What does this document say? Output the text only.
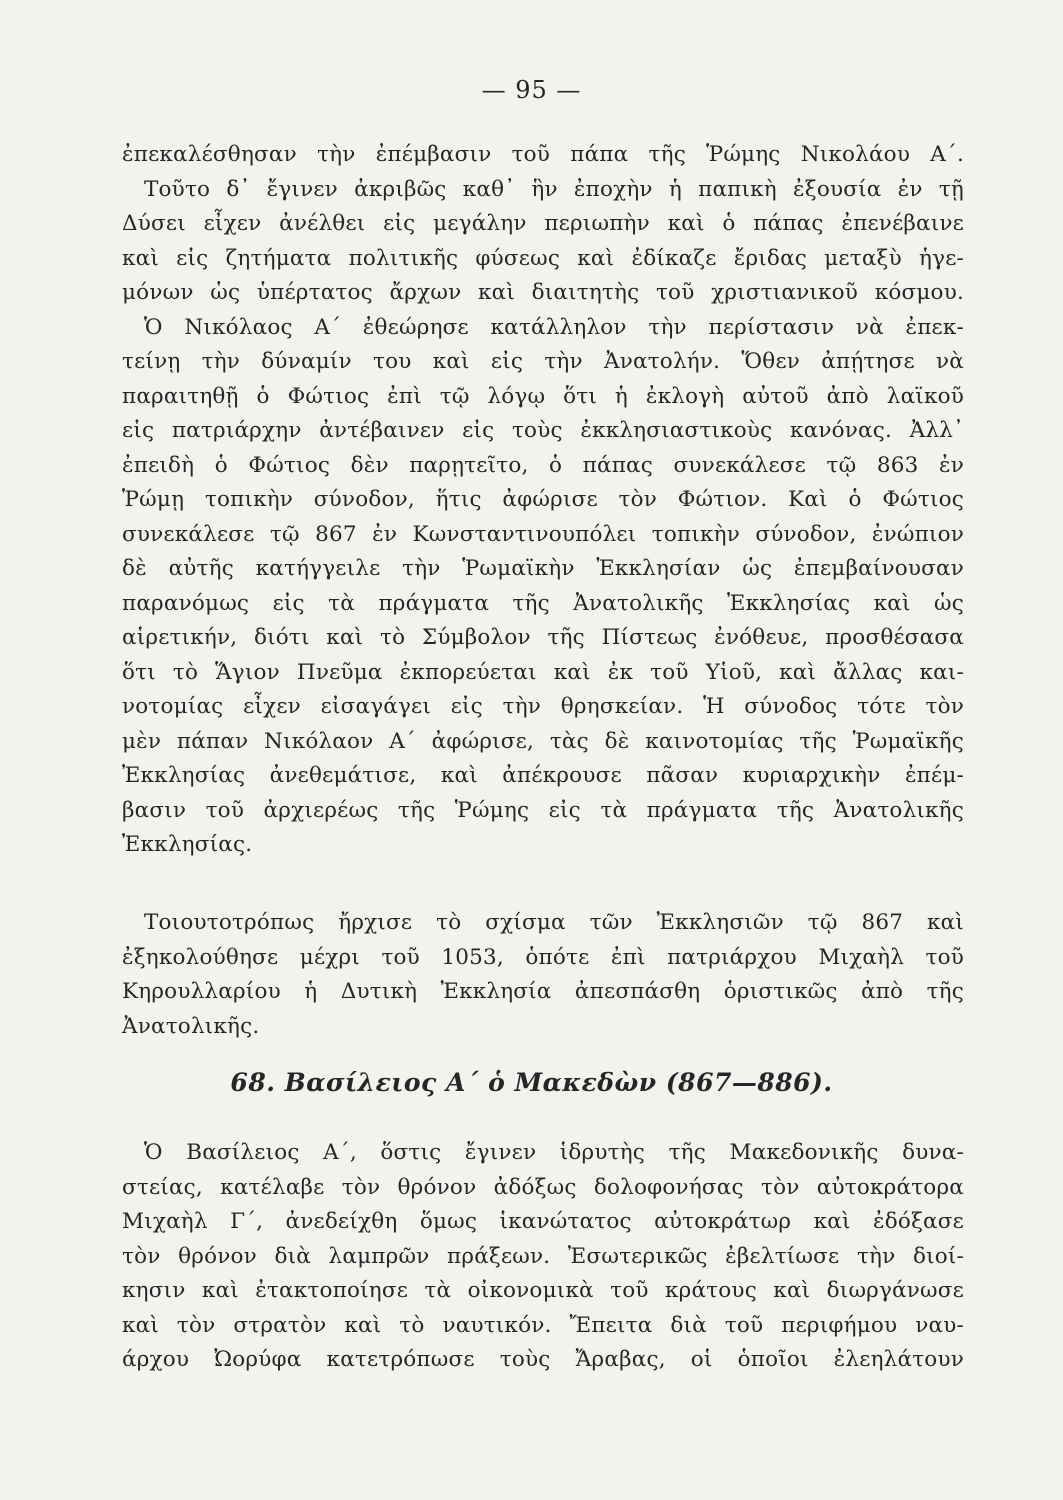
— 95 —
ἐπεκαλέσθησαν τὴν ἐπέμβασιν τοῦ πάπα τῆς Ῥώμης Νικολάου Α΄.
Τοῦτο δ᾽ ἔγινεν ἀκριβῶς καθ᾽ ἣν ἐποχὴν ἡ παπικὴ ἐξουσία ἐν τῇ
Δύσει εἶχεν ἀνέλθει εἰς μεγάλην περιωπὴν καὶ ὁ πάπας ἐπενέβαινε
καὶ εἰς ζητήματα πολιτικῆς φύσεως καὶ ἐδίκαζε ἔριδας μεταξὺ ἡγε-
μόνων ὡς ὑπέρτατος ἄρχων καὶ διαιτητὴς τοῦ χριστιανικοῦ κόσμου.
Ὁ Νικόλαος Α΄ ἐθεώρησε κατάλληλον τὴν περίστασιν νὰ ἐπεκ-
τείνῃ τὴν δύναμίν του καὶ εἰς τὴν Ἀνατολήν. Ὅθεν ἀπῄτησε νὰ
παραιτηθῇ ὁ Φώτιος ἐπὶ τῷ λόγῳ ὅτι ἡ ἐκλογὴ αὐτοῦ ἀπὸ λαϊκοῦ
εἰς πατριάρχην ἀντέβαινεν εἰς τοὺς ἐκκλησιαστικοὺς κανόνας. Ἀλλ᾽
ἐπειδὴ ὁ Φώτιος δὲν παρῃτεῖτο, ὁ πάπας συνεκάλεσε τῷ 863 ἐν
Ῥώμῃ τοπικὴν σύνοδον, ἥτις ἀφώρισε τὸν Φώτιον. Καὶ ὁ Φώτιος
συνεκάλεσε τῷ 867 ἐν Κωνσταντινουπόλει τοπικὴν σύνοδον, ἐνώπιον
δὲ αὐτῆς κατήγγειλε τὴν Ῥωμαϊκὴν Ἐκκλησίαν ὡς ἐπεμβαίνουσαν
παρανόμως εἰς τὰ πράγματα τῆς Ἀνατολικῆς Ἐκκλησίας καὶ ὡς
αἱρετικήν, διότι καὶ τὸ Σύμβολον τῆς Πίστεως ἐνόθευε, προσθέσασα
ὅτι τὸ Ἅγιον Πνεῦμα ἐκπορεύεται καὶ ἐκ τοῦ Υἱοῦ, καὶ ἄλλας και-
νοτομίας εἶχεν εἰσαγάγει εἰς τὴν θρησκείαν. Ἡ σύνοδος τότε τὸν
μὲν πάπαν Νικόλαον Α΄ ἀφώρισε, τὰς δὲ καινοτομίας τῆς Ῥωμαϊκῆς
Ἐκκλησίας ἀνεθεμάτισε, καὶ ἀπέκρουσε πᾶσαν κυριαρχικὴν ἐπέμ-
βασιν τοῦ ἀρχιερέως τῆς Ῥώμης εἰς τὰ πράγματα τῆς Ἀνατολικῆς
Ἐκκλησίας.
Τοιουτοτρόπως ἤρχισε τὸ σχίσμα τῶν Ἐκκλησιῶν τῷ 867 καὶ
ἐξηκολούθησε μέχρι τοῦ 1053, ὁπότε ἐπὶ πατριάρχου Μιχαὴλ τοῦ
Κηρουλλαρίου ἡ Δυτικὴ Ἐκκλησία ἀπεσπάσθη ὁριστικῶς ἀπὸ τῆς
Ἀνατολικῆς.
68. Βασίλειος Α΄ ὁ Μακεδὼν (867—886).
Ὁ Βασίλειος Α΄, ὅστις ἔγινεν ἱδρυτὴς τῆς Μακεδονικῆς δυνα-
στείας, κατέλαβε τὸν θρόνον ἀδόξως δολοφονήσας τὸν αὐτοκράτορα
Μιχαὴλ Γ΄, ἀνεδείχθη ὅμως ἱκανώτατος αὐτοκράτωρ καὶ ἐδόξασε
τὸν θρόνον διὰ λαμπρῶν πράξεων. Ἐσωτερικῶς ἐβελτίωσε τὴν διοί-
κησιν καὶ ἐτακτοποίησε τὰ οἰκονομικὰ τοῦ κράτους καὶ διωργάνωσε
καὶ τὸν στρατὸν καὶ τὸ ναυτικόν. Ἔπειτα διὰ τοῦ περιφήμου ναυ-
άρχου Ὠορύφα κατετρόπωσε τοὺς Ἄραβας, οἱ ὁποῖοι ἐλεηλάτουν
